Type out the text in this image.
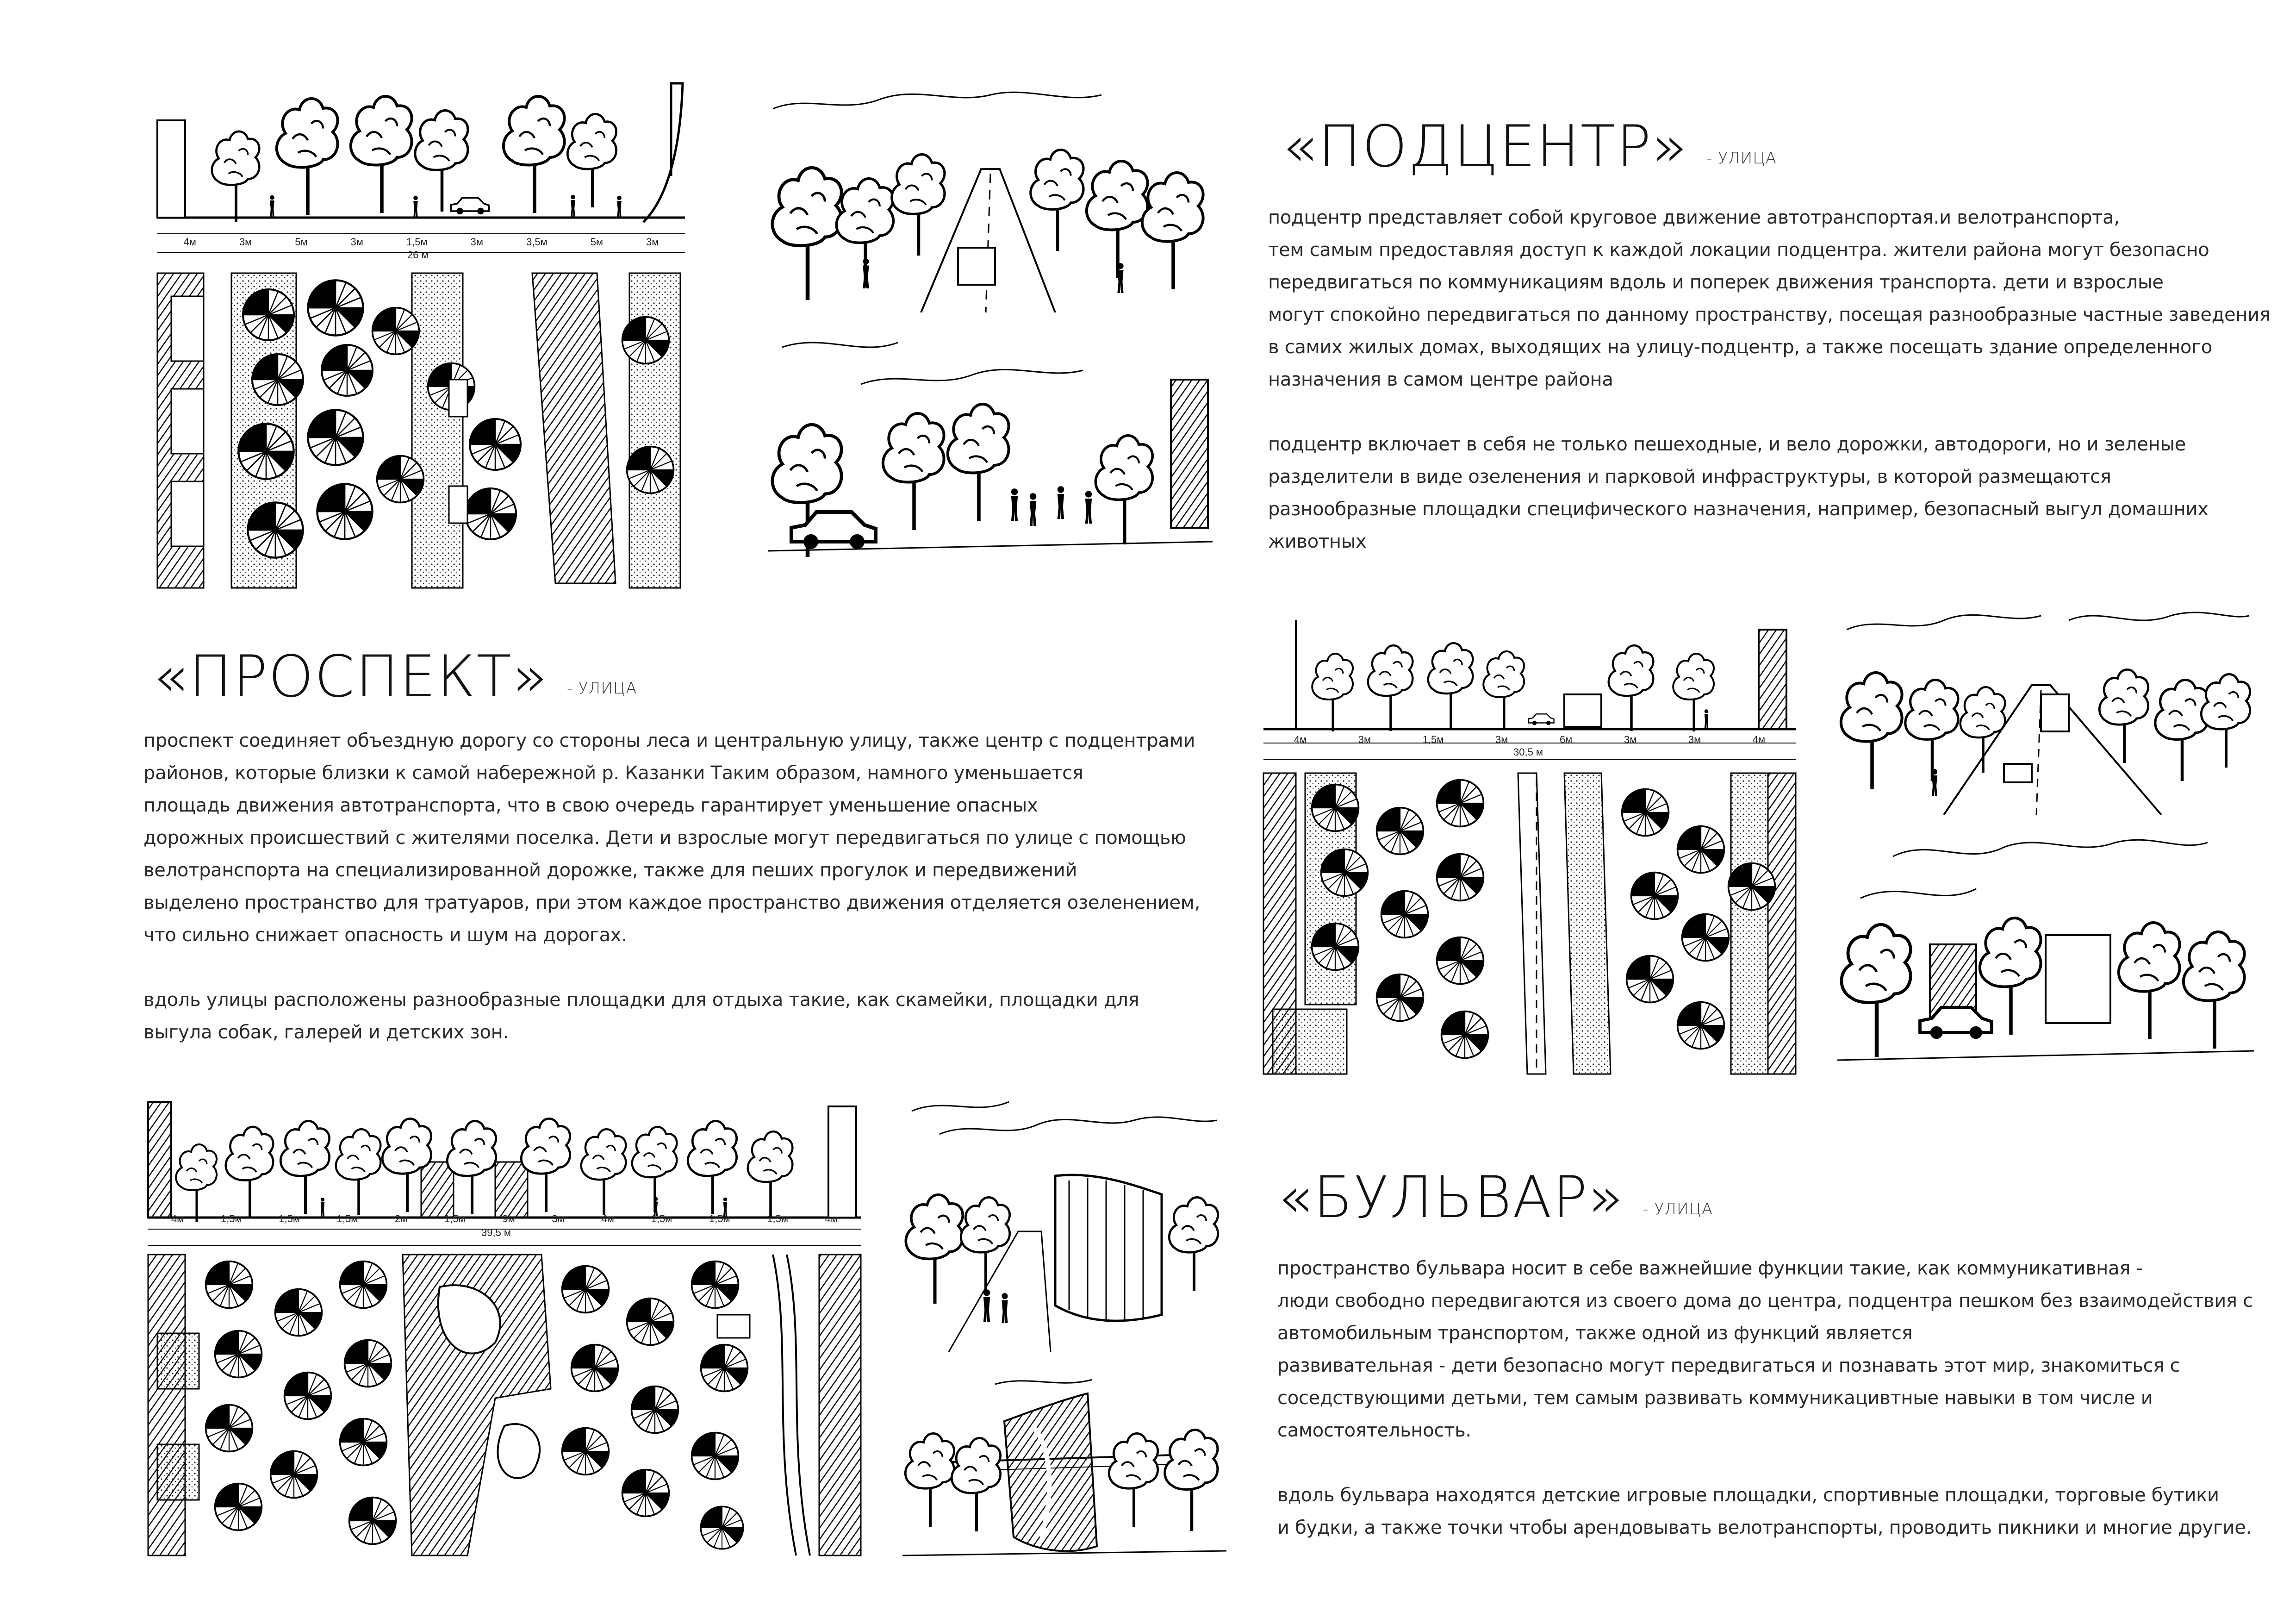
4м	3м	5м	3м	1,5м	3м	3,5м	5м	3м
26 м
«ПОДЦЕНТР» - УЛИЦА
подцентр представляет собой круговое движение автотранспортая.и велотранспорта,
тем самым предоставляя доступ к каждой локации подцентра. жители района могут безопасно
передвигаться по коммуникациям вдоль и поперек движения транспорта. дети и взрослые
могут спокойно передвигаться по данному пространству, посещая разнообразные частные заведения
в самих жилых домах, выходящих на улицу-подцентр, а также посещать здание определенного
назначения в самом центре района
подцентр включает в себя не только пешеходные, и вело дорожки, автодороги, но и зеленые
разделители в виде озеленения и парковой инфраструктуры, в которой размещаются
разнообразные площадки специфического назначения, например, безопасный выгул домашних
животных
«ПРОСПЕКТ» - УЛИЦА
проспект соединяет объездную дорогу со стороны леса и центральную улицу, также центр с подцентрами
районов, которые близки к самой набережной р. Казанки Таким образом, намного уменьшается
площадь движения автотранспорта, что в свою очередь гарантирует уменьшение опасных
дорожных происшествий с жителями поселка. Дети и взрослые могут передвигаться по улице с помощью
велотранспорта на специализированной дорожке, также для пеших прогулок и передвижений
выделено пространство для тратуаров, при этом каждое пространство движения отделяется озеленением,
что сильно снижает опасность и шум на дорогах.
вдоль улицы расположены разнообразные площадки для отдыха такие, как скамейки, площадки для
выгула собак, галерей и детских зон.
4м	3м	1,5м	3м	6м	3м	3м	4м
30,5 м
4м	1,5м	1,5м	1,5м	2м	1,5м	9м	3м	4м	1,5м	1,5м	1,5м	4м
39,5 м
«БУЛЬВАР» - УЛИЦА
пространство бульвара носит в себе важнейшие функции такие, как коммуникативная -
люди свободно передвигаются из своего дома до центра, подцентра пешком без взаимодействия с
автомобильным транспортом, также одной из функций является
развивательная - дети безопасно могут передвигаться и познавать этот мир, знакомиться с
соседствующими детьми, тем самым развивать коммуникацивтные навыки в том числе и
самостоятельность.
вдоль бульвара находятся детские игровые площадки, спортивные площадки, торговые бутики
и будки, а также точки чтобы арендовывать велотранспорты, проводить пикники и многие другие.
